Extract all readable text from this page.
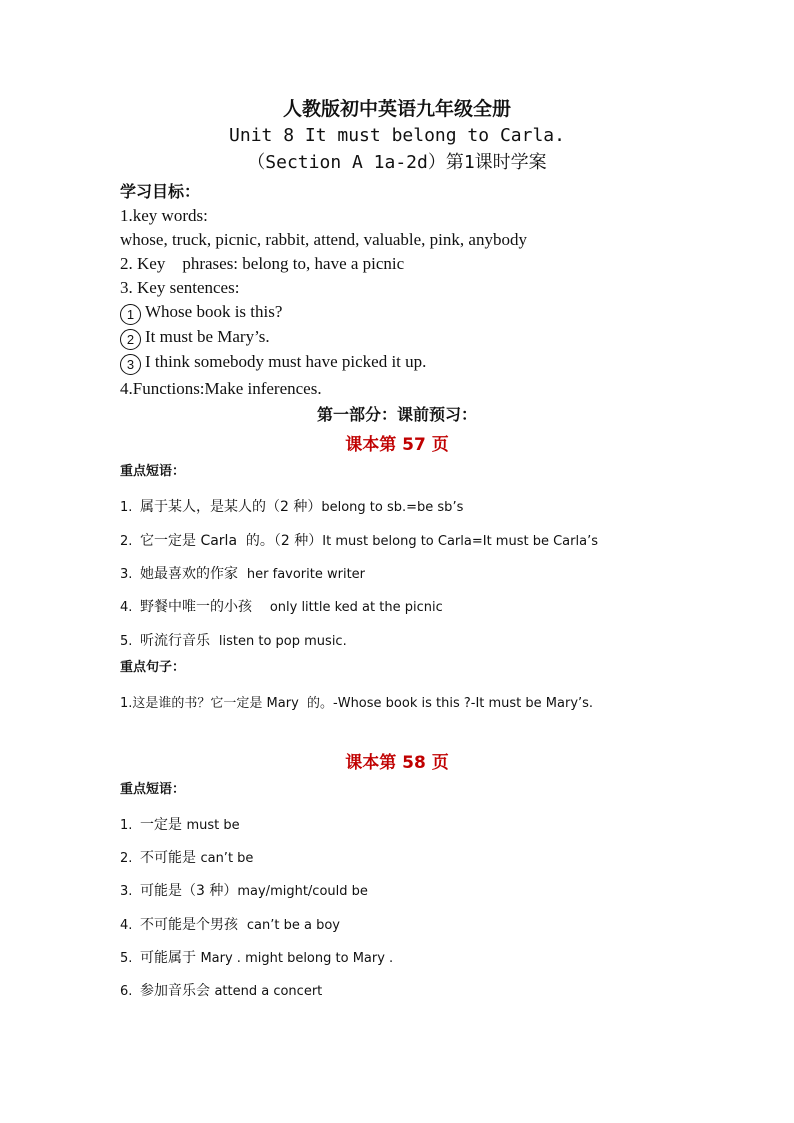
人教版初中英语九年级全册
Unit 8 It must belong to Carla.
（Section A 1a-2d）第1课时学案
学习目标：
1.key words:
whose, truck, picnic, rabbit, attend, valuable, pink, anybody
2. Key    phrases: belong to, have a picnic
3. Key sentences:
1 Whose book is this?
2 It must be Mary’s.
3 I think somebody must have picked it up.
4.Functions:Make inferences.
第一部分：课前预习：
课本第 57 页
重点短语：
1. 属于某人，是某人的（2 种）belong to sb.=be sb’s
2. 它一定是 Carla  的。（2 种）It must belong to Carla=It must be Carla’s
3. 她最喜欢的作家  her favorite writer
4. 野餐中唯一的小孩    only little ked at the picnic
5. 听流行音乐  listen to pop music.
重点句子：
1.这是谁的书？它一定是 Mary  的。-Whose book is this ?-It must be Mary’s.
课本第 58 页
重点短语：
1. 一定是 must be
2. 不可能是 can’t be
3. 可能是（3 种）may/might/could be
4. 不可能是个男孩  can’t be a boy
5. 可能属于 Mary . might belong to Mary .
6. 参加音乐会 attend a concert
